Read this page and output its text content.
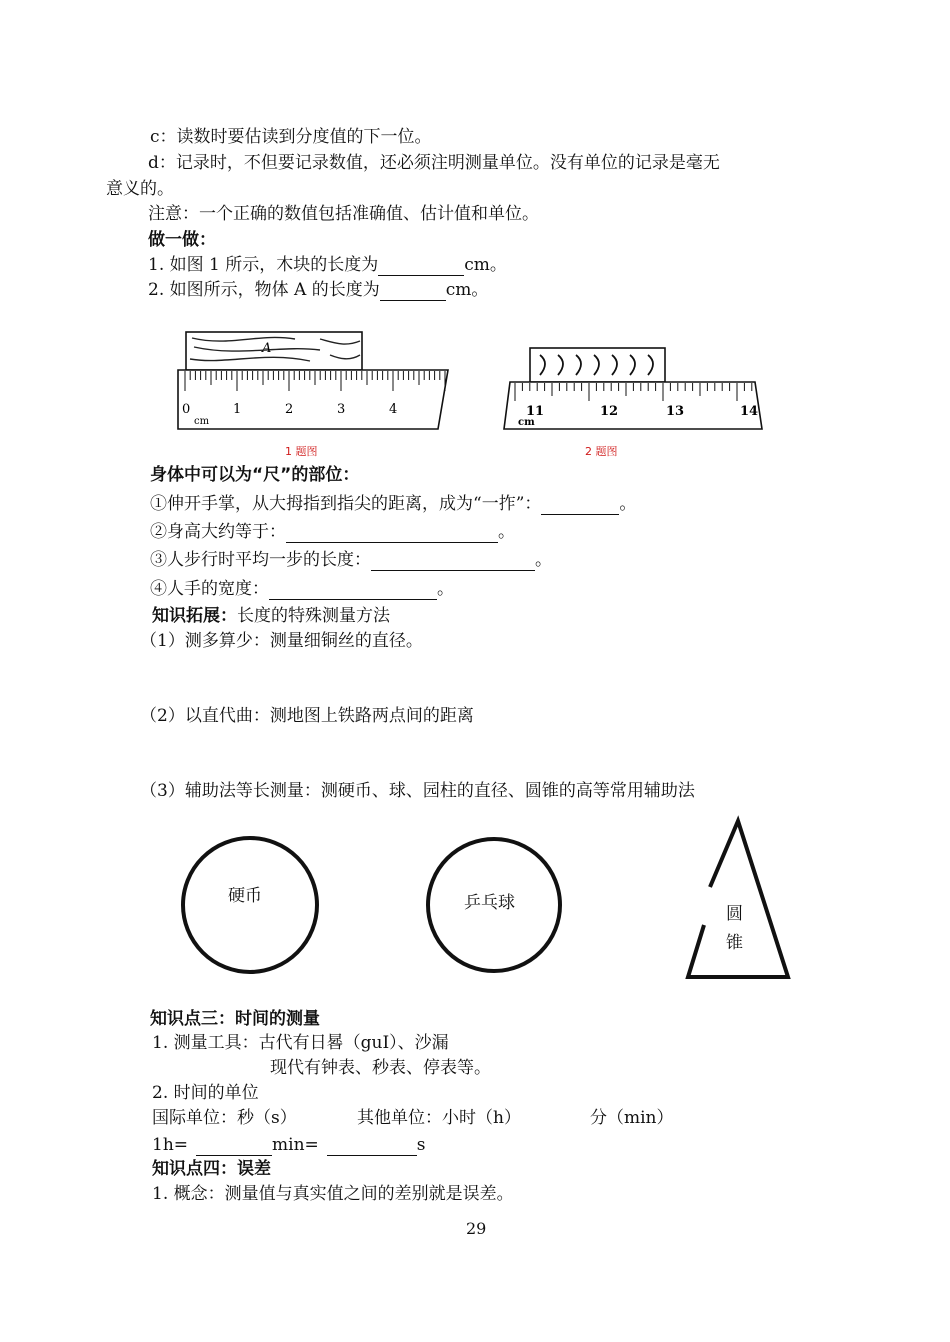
c：读数时要估读到分度值的下一位。
d：记录时，不但要记录数值，还必须注明测量单位。没有单位的记录是毫无
意义的。
注意：一个正确的数值包括准确值、估计值和单位。
做一做：
1. 如图 1 所示，木块的长度为	cm。
2. 如图所示，物体 A 的长度为	cm。
A
0	1	2	3	4
cm
1 题图
11	12	13	14
cm
2 题图
身体中可以为“尺”的部位：
①伸开手掌，从大拇指到指尖的距离，成为“一拃”：	。
②身高大约等于：	。
③人步行时平均一步的长度：	。
④人手的宽度：	。
知识拓展：长度的特殊测量方法
（1）测多算少：测量细铜丝的直径。
（2）以直代曲：测地图上铁路两点间的距离
（3）辅助法等长测量：测硬币、球、园柱的直径、圆锥的高等常用辅助法
硬币	乒乓球
圆
锥
知识点三：时间的测量
1. 测量工具：古代有日晷（guI）、沙漏
现代有钟表、秒表、停表等。
2. 时间的单位
国际单位：秒（s）	其他单位：小时（h）	分（min）
1h=	min=	s
知识点四：误差
1. 概念：测量值与真实值之间的差别就是误差。
29
